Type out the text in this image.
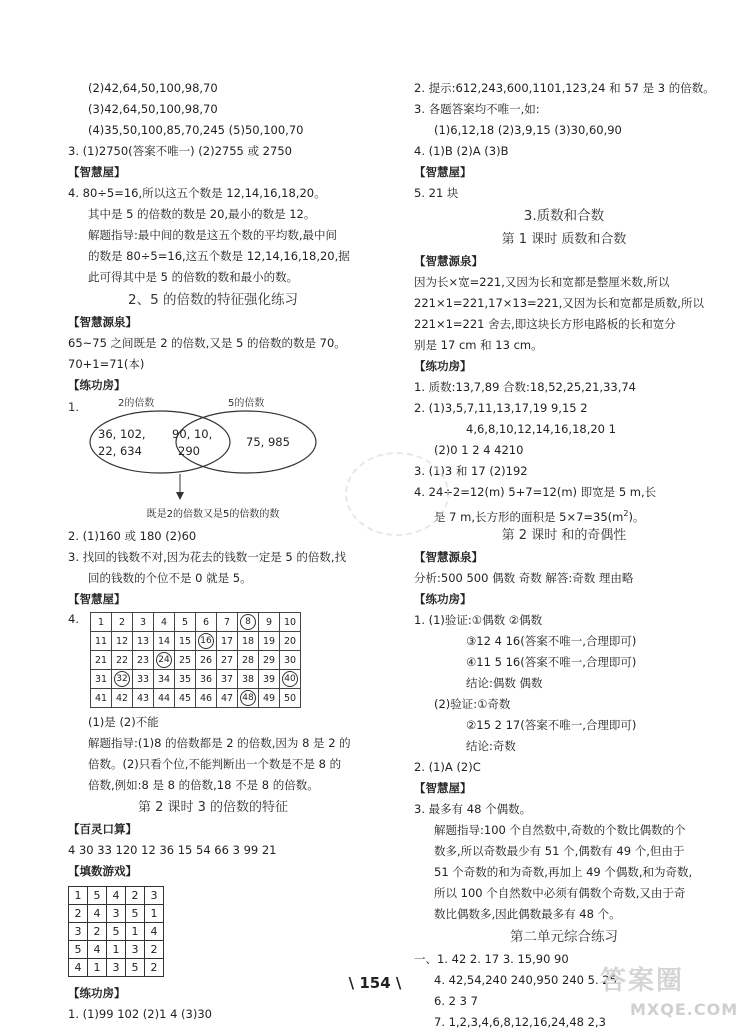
(2)42,64,50,100,98,70
(3)42,64,50,100,98,70
(4)35,50,100,85,70,245 (5)50,100,70
3. (1)2750(答案不唯一) (2)2755 或 2750
【智慧屋】
4. 80÷5=16,所以这五个数是 12,14,16,18,20。
其中是 5 的倍数的数是 20,最小的数是 12。
解题指导:最中间的数是这五个数的平均数,最中间
的数是 80÷5=16,这五个数是 12,14,16,18,20,据
此可得其中是 5 的倍数的数和最小的数。
2、5 的倍数的特征强化练习
【智慧源泉】
65~75 之间既是 2 的倍数,又是 5 的倍数的数是 70。
70+1=71(本)
【练功房】
1.	2的倍数	5的倍数
36, 102,
22, 634
90, 10,
290
75, 985
既是2的倍数又是5的倍数的数
2. (1)160 或 180 (2)60
3. 找回的钱数不对,因为花去的钱数一定是 5 的倍数,找
回的钱数的个位不是 0 就是 5。
【智慧屋】
4. 1	2	3	4	5	6	7	8	9	10
11	12	13	14	15	16	17	18	19	20
21	22	23	24	25	26	27	28	29	30
31	32	33	34	35	36	37	38	39	40
41	42	43	44	45	46	47	48	49	50
(1)是 (2)不能
解题指导:(1)8 的倍数都是 2 的倍数,因为 8 是 2 的
倍数。(2)只看个位,不能判断出一个数是不是 8 的
倍数,例如:8 是 8 的倍数,18 不是 8 的倍数。
第 2 课时 3 的倍数的特征
【百灵口算】
4 30 33 120 12 36 15 54 66 3 99 21
【填数游戏】
1	5	4	2	3
2	4	3	5	1
3	2	5	1	4
5	4	1	3	2
4	1	3	5	2
【练功房】
1. (1)99 102 (2)1 4 (3)30
2. 提示:612,243,600,1101,123,24 和 57 是 3 的倍数。
3. 各题答案均不唯一,如:
(1)6,12,18 (2)3,9,15 (3)30,60,90
4. (1)B (2)A (3)B
【智慧屋】
5. 21 块
3.质数和合数
第 1 课时 质数和合数
【智慧源泉】
因为长×宽=221,又因为长和宽都是整厘米数,所以
221×1=221,17×13=221,又因为长和宽都是质数,所以
221×1=221 舍去,即这块长方形电路板的长和宽分
别是 17 cm 和 13 cm。
【练功房】
1. 质数:13,7,89 合数:18,52,25,21,33,74
2. (1)3,5,7,11,13,17,19 9,15 2
4,6,8,10,12,14,16,18,20 1
(2)0 1 2 4 4210
3. (1)3 和 17 (2)192
4. 24÷2=12(m) 5+7=12(m) 即宽是 5 m,长
是 7 m,长方形的面积是 $5\times 7=35(m^2)$。
第 2 课时 和的奇偶性
【智慧源泉】
分析:500 500 偶数 奇数 解答:奇数 理由略
【练功房】
1. (1)验证:①偶数 ②偶数
③12 4 16(答案不唯一,合理即可)
④11 5 16(答案不唯一,合理即可)
结论:偶数 偶数
(2)验证:①奇数
②15 2 17(答案不唯一,合理即可)
结论:奇数
2. (1)A (2)C
【智慧屋】
3. 最多有 48 个偶数。
解题指导:100 个自然数中,奇数的个数比偶数的个
数多,所以奇数最少有 51 个,偶数有 49 个,但由于
51 个奇数的和为奇数,再加上 49 个偶数,和为奇数,
所以 100 个自然数中必须有偶数个奇数,又由于奇
数比偶数多,因此偶数最多有 48 个。
第二单元综合练习
一、1. 42 2. 17 3. 15,90 90
4. 42,54,240 240,950 240 5. 25
6. 2 3 7
7. 1,2,3,4,6,8,12,16,24,48 2,3
\ 154 \	答案圈
MXQE.COM
